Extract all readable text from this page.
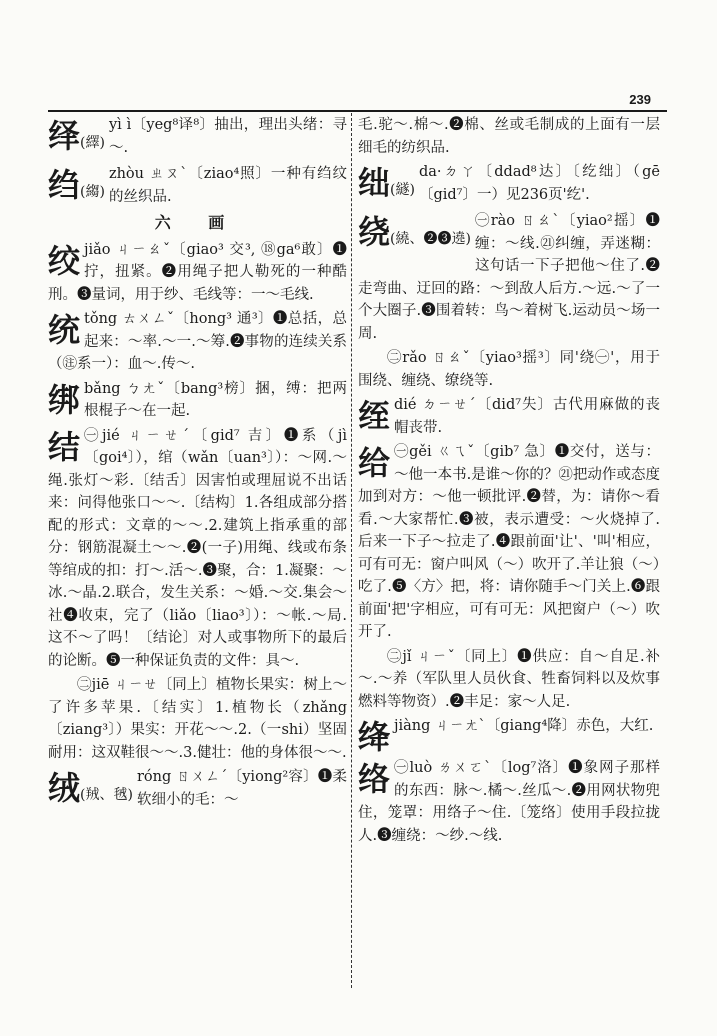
239
绎(繹)
yì ì〔yeg⁸译⁸〕抽出，理出头绪：寻～.
绉(縐)
zhòu ㄓㄡˋ〔ziao⁴照〕一种有绉纹的丝织品.
六 画
绞 jiǎo ㄐㄧㄠˇ〔giao³ 交³, ⑱ga⁶敢〕❶拧，扭紧。❷用绳子把人勒死的一种酷刑。❸量词，用于纱、毛线等：一～毛线.
统 tǒng ㄊㄨㄥˇ〔hong³ 通³〕❶总括，总起来：～率.～一.～筹.❷事物的连续关系（㊟系一）：血～.传～.
绑 bǎng ㄅㄤˇ〔bang³榜〕捆，缚：把两根棍子～在一起.
结 ㊀jié ㄐㄧㄝˊ〔gid⁷ 吉〕❶系（jì〔goi⁴〕），绾（wǎn〔uan³〕）：～网.～绳.张灯～彩.〔结舌〕因害怕或理屈说不出话来：问得他张口～～.〔结构〕1.各组成部分搭配的形式：文章的～～.2.建筑上指承重的部分：钢筋混凝土～～.❷(一子)用绳、线或布条等绾成的扣：打～.活～.❸聚，合：1.凝聚：～冰.～晶.2.联合，发生关系：～婚.～交.集会～社❹收束，完了（liǎo〔liao³〕）：～帐.～局.这不～了吗！〔结论〕对人或事物所下的最后的论断。❺一种保证负责的文件：具～.
㊁jiē ㄐㄧㄝ〔同上〕植物长果实：树上～了许多苹果.〔结实〕1.植物长（zhǎng〔ziang³〕）果实：开花～～.2.（一shi）坚固耐用：这双鞋很～～.3.健壮：他的身体很～～.
绒(羢、毧)
róng ㄖㄨㄥˊ〔yiong²容〕❶柔软细小的毛：～
毛.驼～.棉～.❷棉、丝或毛制成的上面有一层细毛的纺织品.
绌(繸)
da·ㄉㄚ〔ddad⁸达〕〔纥绌〕（gē〔gid⁷〕一）见236页'纥'.
绕(繞、❷❸遶)
㊀rào ㄖㄠˋ〔yiao²摇〕❶缠：～线.㉑纠缠，弄迷糊：这句话一下子把他～住了.❷走弯曲、迂回的路：～到敌人后方.～远.～了一个大圈子.❸围着转：鸟～着树飞.运动员～场一周.
㊁rǎo ㄖㄠˇ〔yiao³摇³〕同'绕㊀'，用于围绕、缠绕、缭绕等.
绖 dié ㄉㄧㄝˊ〔did⁷失〕古代用麻做的丧帽丧带.
给 ㊀gěi ㄍㄟˇ〔gib⁷ 急〕❶交付，送与：～他一本书.是谁～你的？㉑把动作或态度加到对方：～他一顿批评.❷替，为：请你～看看.～大家帮忙.❸被，表示遭受：～火烧掉了.后来一下子～拉走了.❹跟前面'让'、'叫'相应，可有可无：窗户叫风（～）吹开了.羊让狼（～）吃了.❺〈方〉把，将：请你随手～门关上.❻跟前面'把'字相应，可有可无：风把窗户（～）吹开了.
㊁jǐ ㄐㄧˇ〔同上〕❶供应：自～自足.补～.～养（军队里人员伙食、牲畜饲料以及炊事燃料等物资）.❷丰足：家～人足.
绛 jiàng ㄐㄧㄤˋ〔giang⁴降〕赤色，大红.
络 ㊀luò ㄌㄨㄛˋ〔log⁷洛〕❶象网子那样的东西：脉～.橘～.丝瓜～.❷用网状物兜住，笼罩：用络子～住.〔笼络〕使用手段拉拢人.❸缠绕：～纱.～线.
